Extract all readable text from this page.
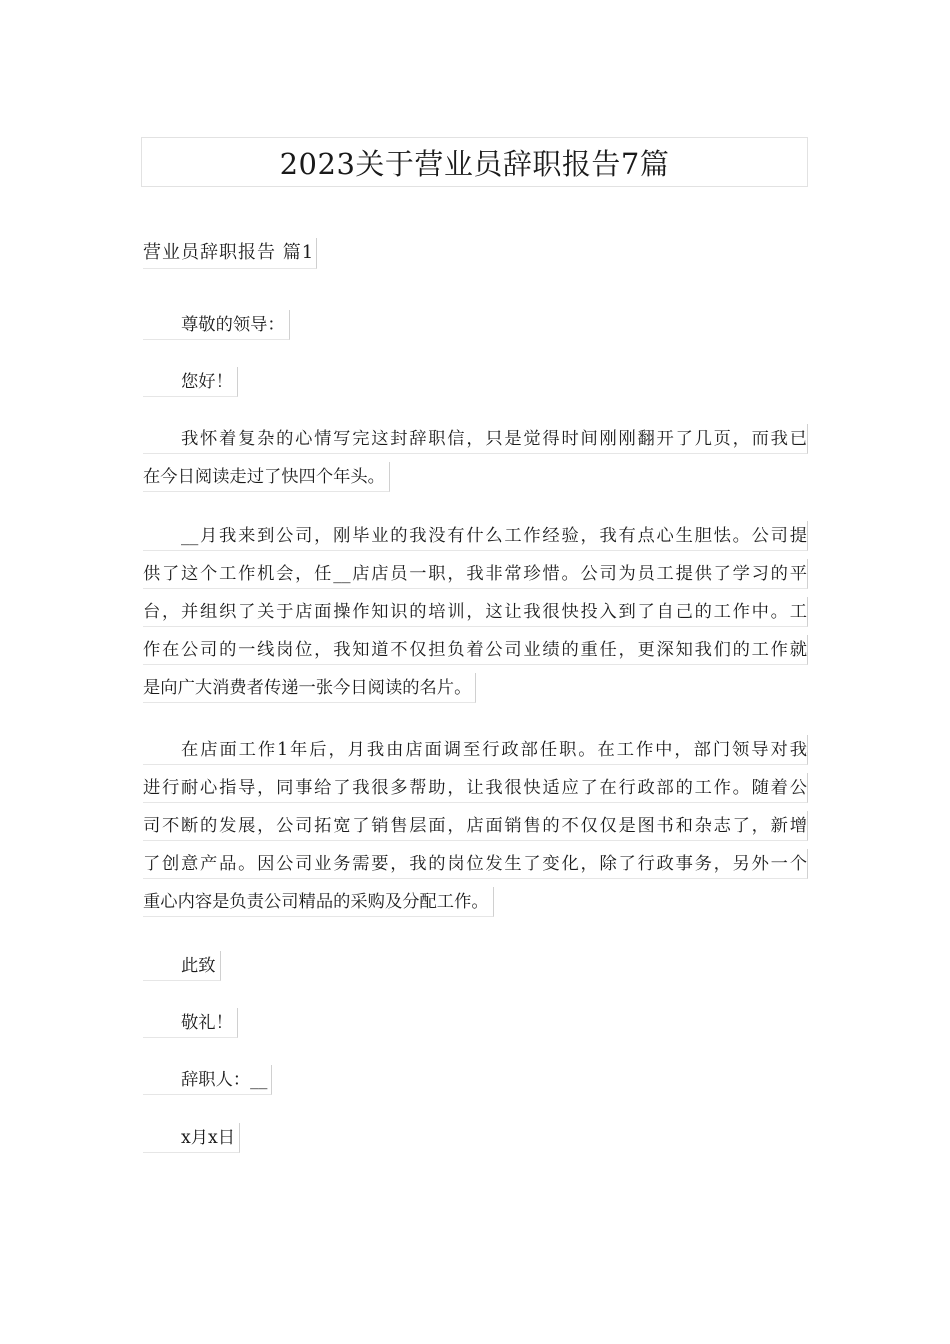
2023关于营业员辞职报告7篇
营业员辞职报告 篇1
尊敬的领导：
您好！
我怀着复杂的心情写完这封辞职信，只是觉得时间刚刚翻开了几页，而我已
在今日阅读走过了快四个年头。
__月我来到公司，刚毕业的我没有什么工作经验，我有点心生胆怯。公司提
供了这个工作机会，任__店店员一职，我非常珍惜。公司为员工提供了学习的平
台，并组织了关于店面操作知识的培训，这让我很快投入到了自己的工作中。工
作在公司的一线岗位，我知道不仅担负着公司业绩的重任，更深知我们的工作就
是向广大消费者传递一张今日阅读的名片。
在店面工作1年后，月我由店面调至行政部任职。在工作中，部门领导对我
进行耐心指导，同事给了我很多帮助，让我很快适应了在行政部的工作。随着公
司不断的发展，公司拓宽了销售层面，店面销售的不仅仅是图书和杂志了，新增
了创意产品。因公司业务需要，我的岗位发生了变化，除了行政事务，另外一个
重心内容是负责公司精品的采购及分配工作。
此致
敬礼！
辞职人：__
x月x日
